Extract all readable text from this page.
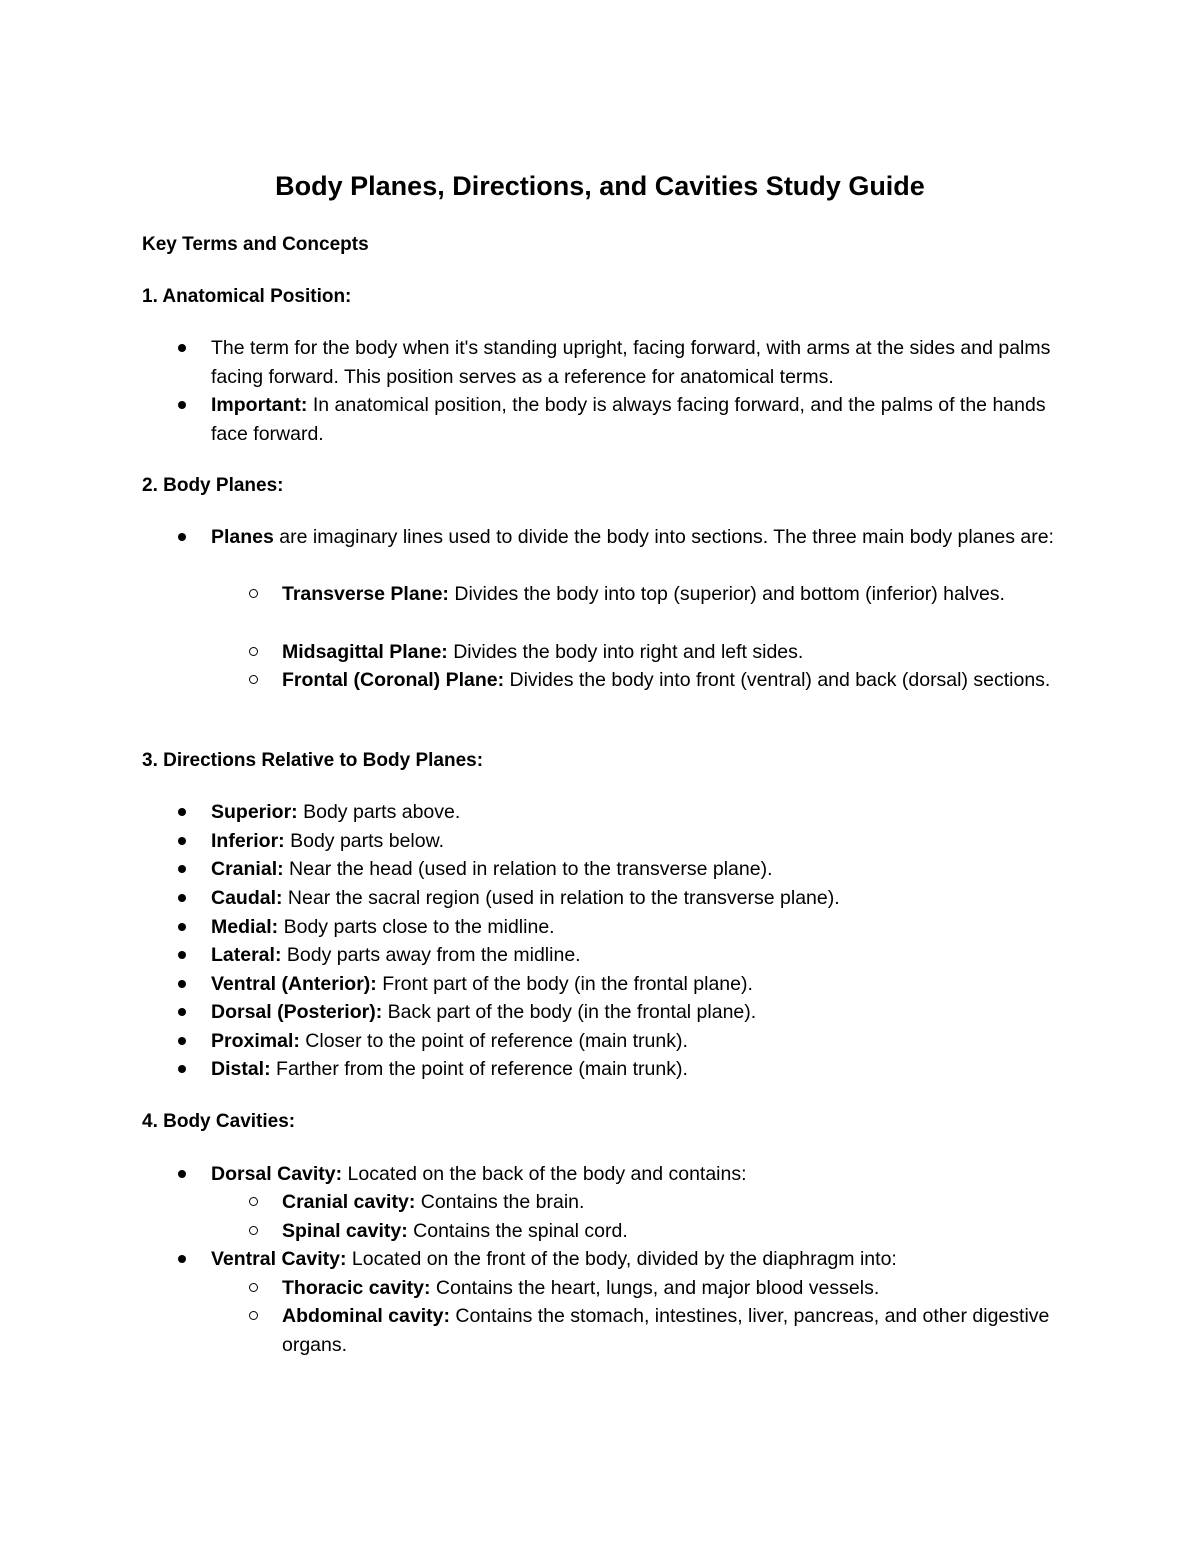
Body Planes, Directions, and Cavities Study Guide
Key Terms and Concepts
1. Anatomical Position:
The term for the body when it's standing upright, facing forward, with arms at the sides and palms facing forward. This position serves as a reference for anatomical terms.
Important: In anatomical position, the body is always facing forward, and the palms of the hands face forward.
2. Body Planes:
Planes are imaginary lines used to divide the body into sections. The three main body planes are:
Transverse Plane: Divides the body into top (superior) and bottom (inferior) halves.
Midsagittal Plane: Divides the body into right and left sides.
Frontal (Coronal) Plane: Divides the body into front (ventral) and back (dorsal) sections.
3. Directions Relative to Body Planes:
Superior: Body parts above.
Inferior: Body parts below.
Cranial: Near the head (used in relation to the transverse plane).
Caudal: Near the sacral region (used in relation to the transverse plane).
Medial: Body parts close to the midline.
Lateral: Body parts away from the midline.
Ventral (Anterior): Front part of the body (in the frontal plane).
Dorsal (Posterior): Back part of the body (in the frontal plane).
Proximal: Closer to the point of reference (main trunk).
Distal: Farther from the point of reference (main trunk).
4. Body Cavities:
Dorsal Cavity: Located on the back of the body and contains:
Cranial cavity: Contains the brain.
Spinal cavity: Contains the spinal cord.
Ventral Cavity: Located on the front of the body, divided by the diaphragm into:
Thoracic cavity: Contains the heart, lungs, and major blood vessels.
Abdominal cavity: Contains the stomach, intestines, liver, pancreas, and other digestive organs.
